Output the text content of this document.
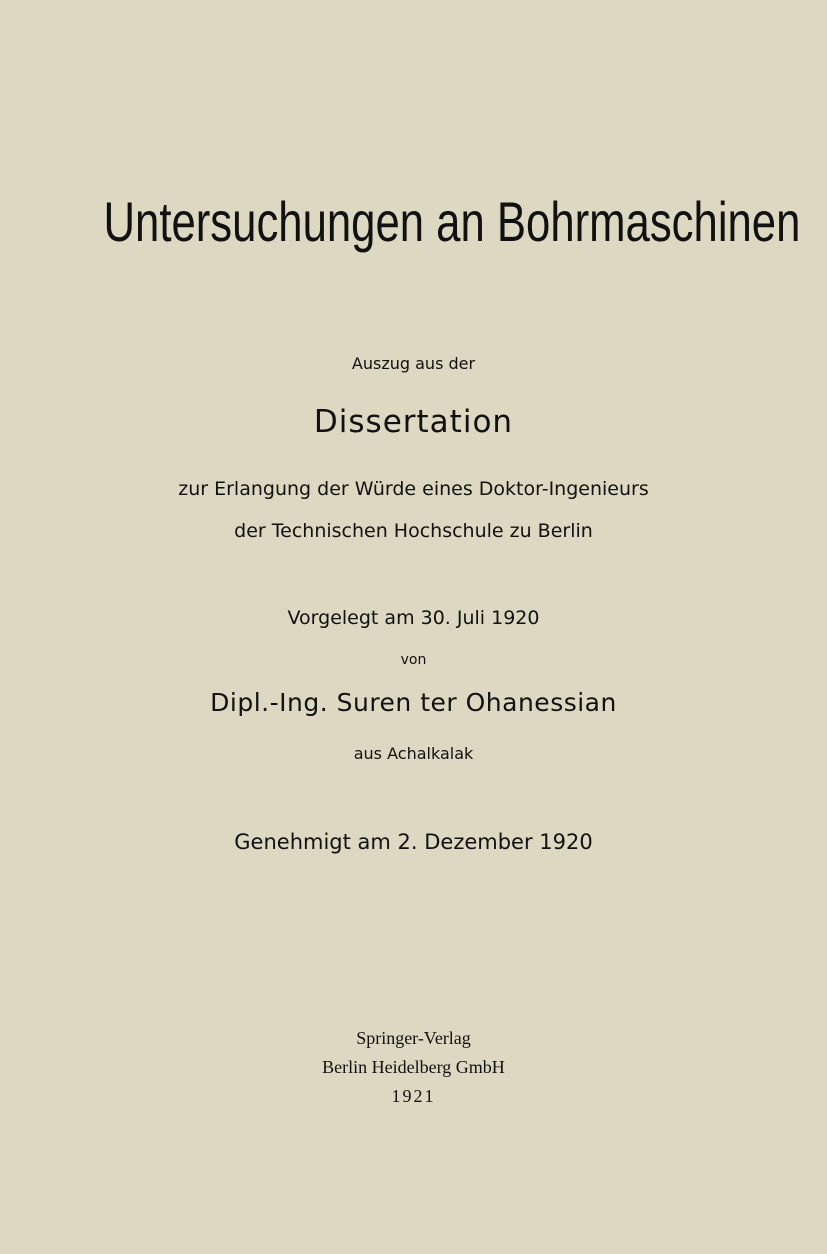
Untersuchungen an Bohrmaschinen
Auszug aus der
Dissertation
zur Erlangung der Würde eines Doktor-Ingenieurs
der Technischen Hochschule zu Berlin
Vorgelegt am 30. Juli 1920
von
Dipl.-Ing. Suren ter Ohanessian
aus Achalkalak
Genehmigt am 2. Dezember 1920
Springer-Verlag
Berlin Heidelberg GmbH
1921
